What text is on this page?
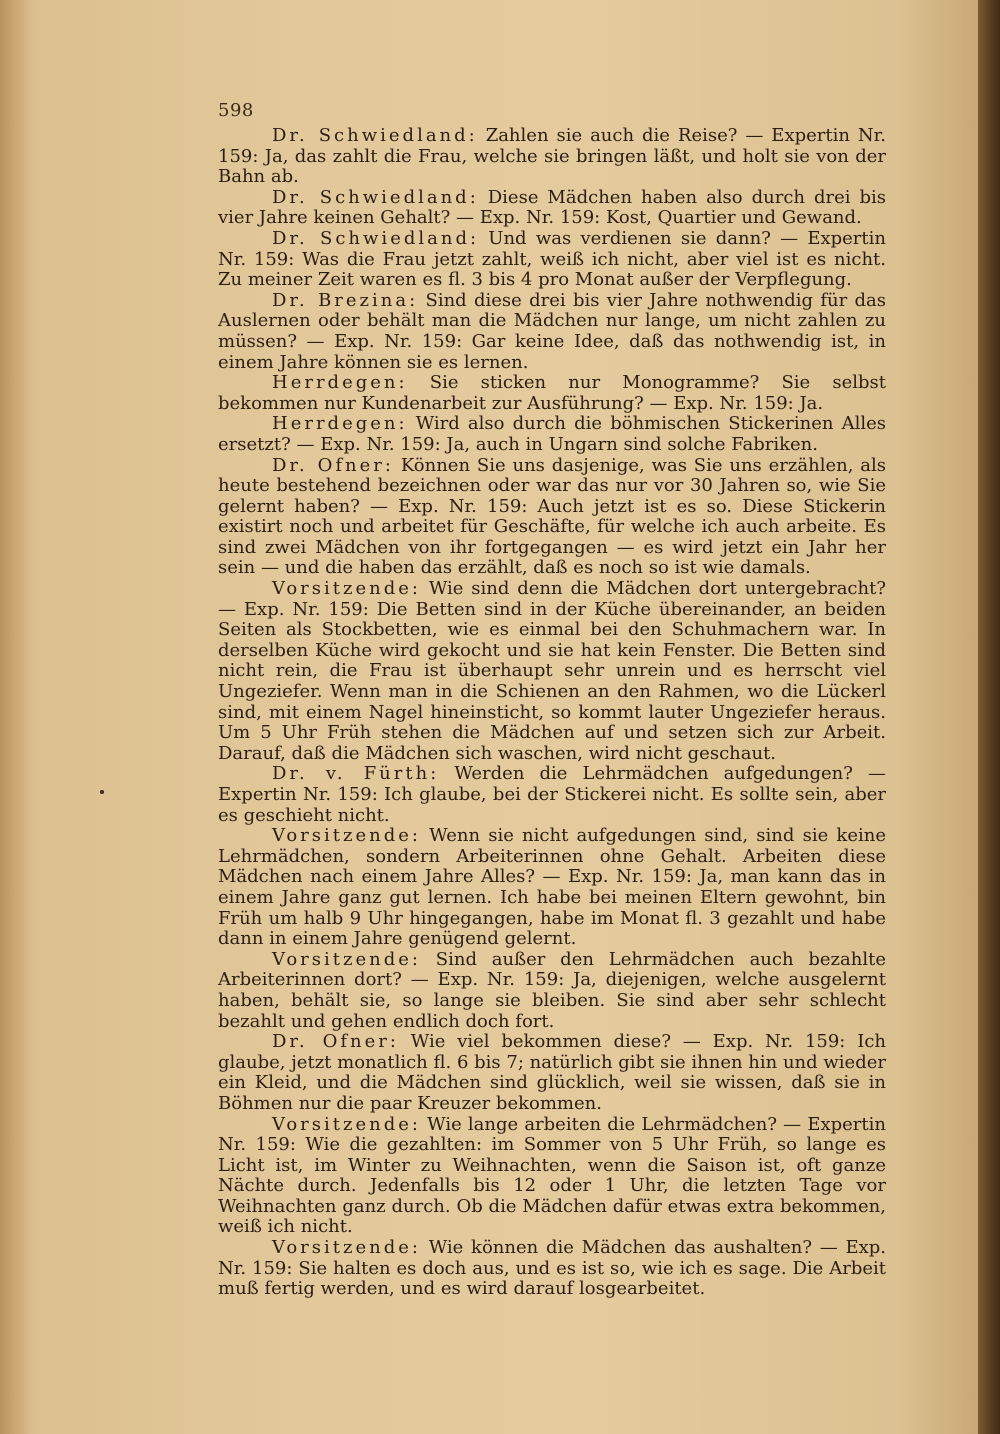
598

Dr. Schwiedland: Zahlen sie auch die Reise? — Expertin Nr. 159: Ja, das zahlt die Frau, welche sie bringen läßt, und holt sie von der Bahn ab.

Dr. Schwiedland: Diese Mädchen haben also durch drei bis vier Jahre keinen Gehalt? — Exp. Nr. 159: Kost, Quartier und Gewand.

Dr. Schwiedland: Und was verdienen sie dann? — Expertin Nr. 159: Was die Frau jetzt zahlt, weiß ich nicht, aber viel ist es nicht. Zu meiner Zeit waren es fl. 3 bis 4 pro Monat außer der Verpflegung.

Dr. Brezina: Sind diese drei bis vier Jahre nothwendig für das Auslernen oder behält man die Mädchen nur lange, um nicht zahlen zu müssen? — Exp. Nr. 159: Gar keine Idee, daß das nothwendig ist, in einem Jahre können sie es lernen.

Herrdegen: Sie sticken nur Monogramme? Sie selbst bekommen nur Kundenarbeit zur Ausführung? — Exp. Nr. 159: Ja.

Herrdegen: Wird also durch die böhmischen Stickerinen Alles ersetzt? — Exp. Nr. 159: Ja, auch in Ungarn sind solche Fabriken.

Dr. Ofner: Können Sie uns dasjenige, was Sie uns erzählen, als heute bestehend bezeichnen oder war das nur vor 30 Jahren so, wie Sie gelernt haben? — Exp. Nr. 159: Auch jetzt ist es so. Diese Stickerin existirt noch und arbeitet für Geschäfte, für welche ich auch arbeite. Es sind zwei Mädchen von ihr fortgegangen — es wird jetzt ein Jahr her sein — und die haben das erzählt, daß es noch so ist wie damals.

Vorsitzende: Wie sind denn die Mädchen dort untergebracht? — Exp. Nr. 159: Die Betten sind in der Küche übereinander, an beiden Seiten als Stockbetten, wie es einmal bei den Schuhmachern war. In derselben Küche wird gekocht und sie hat kein Fenster. Die Betten sind nicht rein, die Frau ist überhaupt sehr unrein und es herrscht viel Ungeziefer. Wenn man in die Schienen an den Rahmen, wo die Lückerl sind, mit einem Nagel hineinsticht, so kommt lauter Ungeziefer heraus. Um 5 Uhr Früh stehen die Mädchen auf und setzen sich zur Arbeit. Darauf, daß die Mädchen sich waschen, wird nicht geschaut.

Dr. v. Fürth: Werden die Lehrmädchen aufgedungen? — Expertin Nr. 159: Ich glaube, bei der Stickerei nicht. Es sollte sein, aber es geschieht nicht.

Vorsitzende: Wenn sie nicht aufgedungen sind, sind sie keine Lehrmädchen, sondern Arbeiterinnen ohne Gehalt. Arbeiten diese Mädchen nach einem Jahre Alles? — Exp. Nr. 159: Ja, man kann das in einem Jahre ganz gut lernen. Ich habe bei meinen Eltern gewohnt, bin Früh um halb 9 Uhr hingegangen, habe im Monat fl. 3 gezahlt und habe dann in einem Jahre genügend gelernt.

Vorsitzende: Sind außer den Lehrmädchen auch bezahlte Arbeiterinnen dort? — Exp. Nr. 159: Ja, diejenigen, welche ausgelernt haben, behält sie, so lange sie bleiben. Sie sind aber sehr schlecht bezahlt und gehen endlich doch fort.

Dr. Ofner: Wie viel bekommen diese? — Exp. Nr. 159: Ich glaube, jetzt monatlich fl. 6 bis 7; natürlich gibt sie ihnen hin und wieder ein Kleid, und die Mädchen sind glücklich, weil sie wissen, daß sie in Böhmen nur die paar Kreuzer bekommen.

Vorsitzende: Wie lange arbeiten die Lehrmädchen? — Expertin Nr. 159: Wie die gezahlten: im Sommer von 5 Uhr Früh, so lange es Licht ist, im Winter zu Weihnachten, wenn die Saison ist, oft ganze Nächte durch. Jedenfalls bis 12 oder 1 Uhr, die letzten Tage vor Weihnachten ganz durch. Ob die Mädchen dafür etwas extra bekommen, weiß ich nicht.

Vorsitzende: Wie können die Mädchen das aushalten? — Exp. Nr. 159: Sie halten es doch aus, und es ist so, wie ich es sage. Die Arbeit muß fertig werden, und es wird darauf losgearbeitet.
